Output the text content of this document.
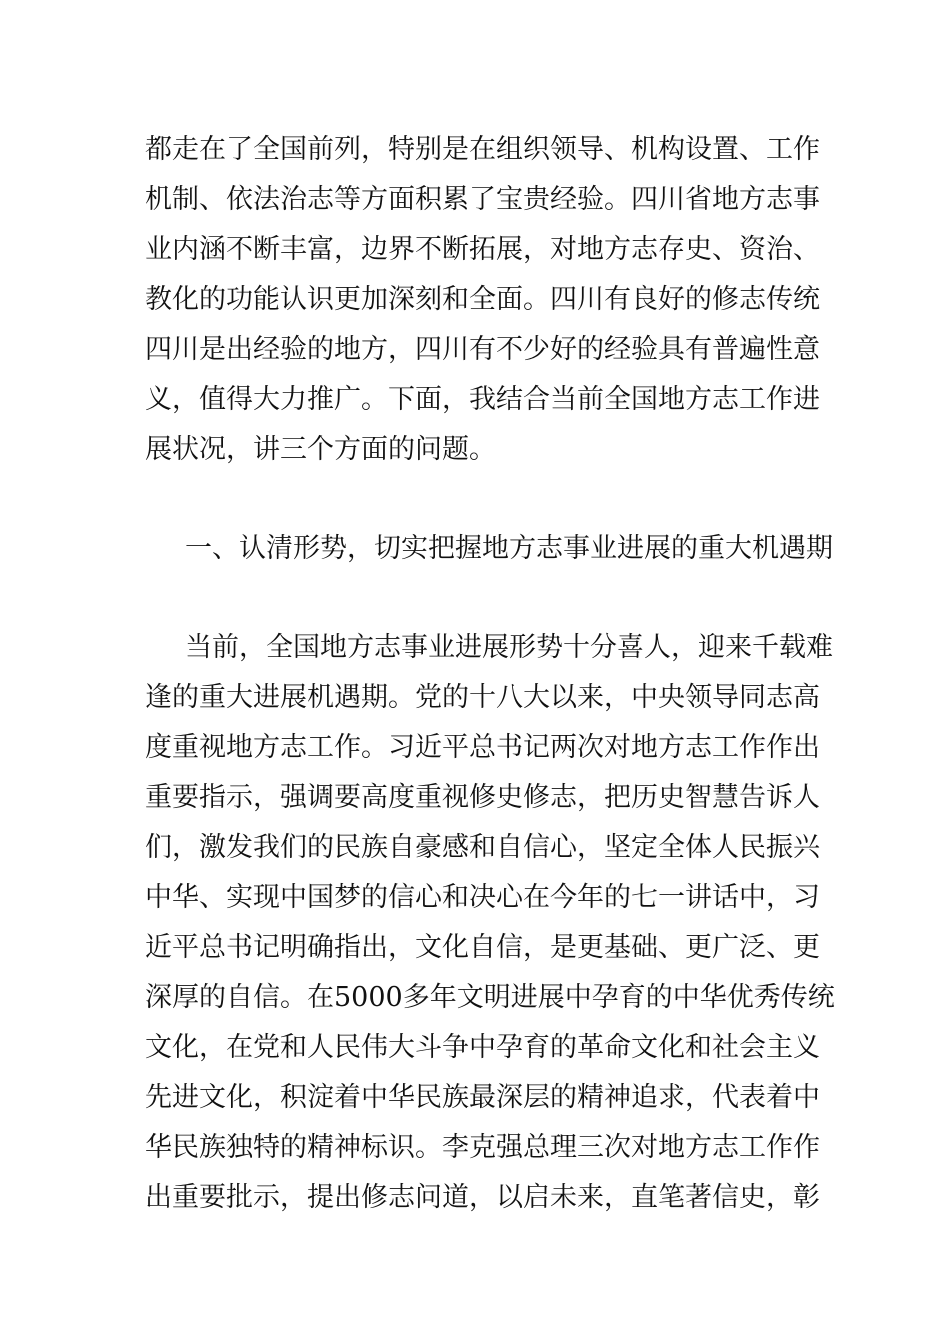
都走在了全国前列，特别是在组织领导、机构设置、工作
机制、依法治志等方面积累了宝贵经验。四川省地方志事
业内涵不断丰富，边界不断拓展，对地方志存史、资治、
教化的功能认识更加深刻和全面。四川有良好的修志传统
四川是出经验的地方，四川有不少好的经验具有普遍性意
义，值得大力推广。下面，我结合当前全国地方志工作进
展状况，讲三个方面的问题。
一、认清形势，切实把握地方志事业进展的重大机遇期
当前，全国地方志事业进展形势十分喜人，迎来千载难
逢的重大进展机遇期。党的十八大以来，中央领导同志高
度重视地方志工作。习近平总书记两次对地方志工作作出
重要指示，强调要高度重视修史修志，把历史智慧告诉人
们，激发我们的民族自豪感和自信心，坚定全体人民振兴
中华、实现中国梦的信心和决心在今年的七一讲话中，习
近平总书记明确指出，文化自信，是更基础、更广泛、更
深厚的自信。在5000多年文明进展中孕育的中华优秀传统
文化，在党和人民伟大斗争中孕育的革命文化和社会主义
先进文化，积淀着中华民族最深层的精神追求，代表着中
华民族独特的精神标识。李克强总理三次对地方志工作作
出重要批示，提出修志问道，以启未来，直笔著信史，彰
